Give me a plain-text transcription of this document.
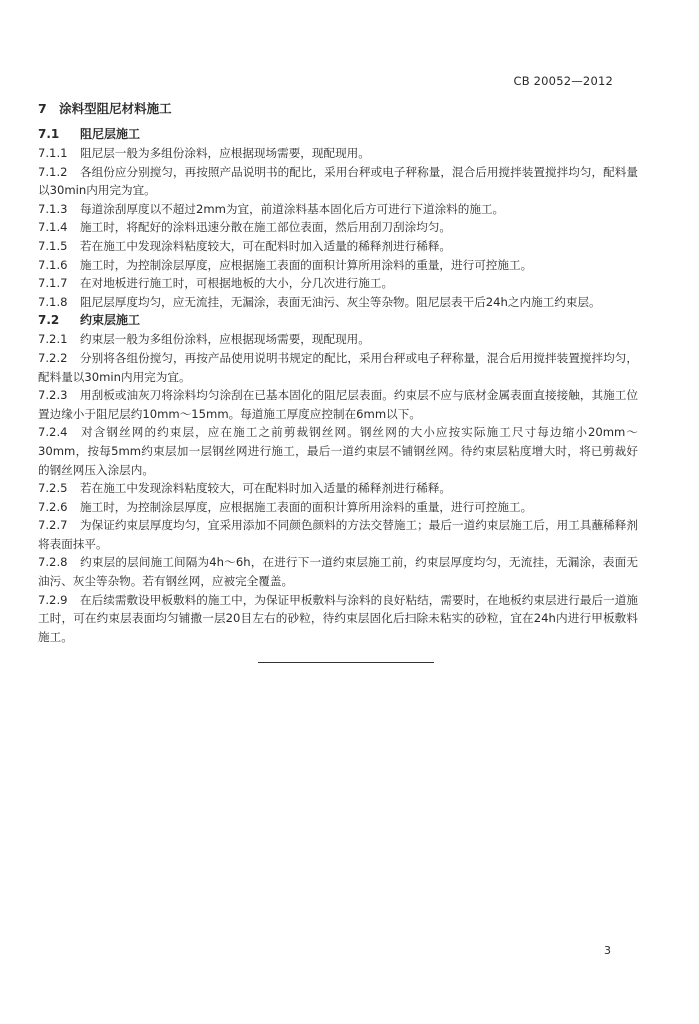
CB 20052—2012
7 涂料型阻尼材料施工
7.1 阻尼层施工
7.1.1 阻尼层一般为多组份涂料，应根据现场需要，现配现用。
7.1.2 各组份应分别搅匀，再按照产品说明书的配比，采用台秤或电子秤称量，混合后用搅拌装置搅拌均匀，配料量以30min内用完为宜。
7.1.3 每道涂刮厚度以不超过2mm为宜，前道涂料基本固化后方可进行下道涂料的施工。
7.1.4 施工时，将配好的涂料迅速分散在施工部位表面，然后用刮刀刮涂均匀。
7.1.5 若在施工中发现涂料粘度较大，可在配料时加入适量的稀释剂进行稀释。
7.1.6 施工时，为控制涂层厚度，应根据施工表面的面积计算所用涂料的重量，进行可控施工。
7.1.7 在对地板进行施工时，可根据地板的大小，分几次进行施工。
7.1.8 阻尼层厚度均匀，应无流挂，无漏涂，表面无油污、灰尘等杂物。阻尼层表干后24h之内施工约束层。
7.2 约束层施工
7.2.1 约束层一般为多组份涂料，应根据现场需要，现配现用。
7.2.2 分别将各组份搅匀，再按产品使用说明书规定的配比，采用台秤或电子秤称量，混合后用搅拌装置搅拌均匀，配料量以30min内用完为宜。
7.2.3 用刮板或油灰刀将涂料均匀涂刮在已基本固化的阻尼层表面。约束层不应与底材金属表面直接接触，其施工位置边缘小于阻尼层约10mm～15mm。每道施工厚度应控制在6mm以下。
7.2.4 对含钢丝网的约束层，应在施工之前剪裁钢丝网。钢丝网的大小应按实际施工尺寸每边缩小20mm～30mm，按每5mm约束层加一层钢丝网进行施工，最后一道约束层不铺钢丝网。待约束层粘度增大时，将已剪裁好的钢丝网压入涂层内。
7.2.5 若在施工中发现涂料粘度较大，可在配料时加入适量的稀释剂进行稀释。
7.2.6 施工时，为控制涂层厚度，应根据施工表面的面积计算所用涂料的重量，进行可控施工。
7.2.7 为保证约束层厚度均匀，宜采用添加不同颜色颜料的方法交替施工；最后一道约束层施工后，用工具蘸稀释剂将表面抹平。
7.2.8 约束层的层间施工间隔为4h～6h，在进行下一道约束层施工前，约束层厚度均匀，无流挂，无漏涂，表面无油污、灰尘等杂物。若有钢丝网，应被完全覆盖。
7.2.9 在后续需敷设甲板敷料的施工中，为保证甲板敷料与涂料的良好粘结，需要时，在地板约束层进行最后一道施工时，可在约束层表面均匀铺撒一层20目左右的砂粒，待约束层固化后扫除未粘实的砂粒，宜在24h内进行甲板敷料施工。
3
